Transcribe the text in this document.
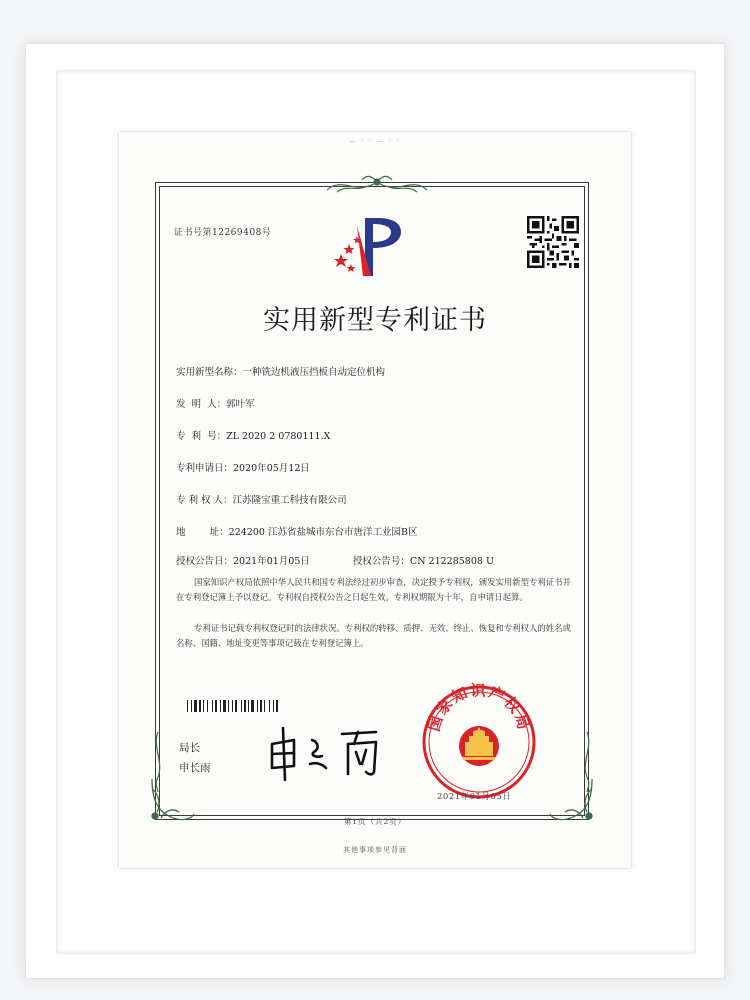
— · · — · ·
证书号第12269408号
实用新型专利证书
实用新型名称：一种铣边机液压挡板自动定位机构
发  明  人：郭叶军
专  利  号：ZL 2020 2 0780111.X
专利申请日：2020年05月12日
专 利 权 人：江苏隆宝重工科技有限公司
地        址：224200 江苏省盐城市东台市唐洋工业园B区
授权公告日：2021年01月05日	授权公告号：CN 212285808 U
国家知识产权局依照中华人民共和国专利法经过初步审查，决定授予专利权，颁发实用新型专利证书并在专利登记簿上予以登记。专利权自授权公告之日起生效。专利权期限为十年，自申请日起算。
专利证书记载专利权登记时的法律状况。专利权的转移、质押、无效、终止、恢复和专利权人的姓名或名称、国籍、地址变更等事项记载在专利登记簿上。
局长
申长雨
国家知识产权局
2021年01月05日
第1页（共2页）
其他事项参见背面
